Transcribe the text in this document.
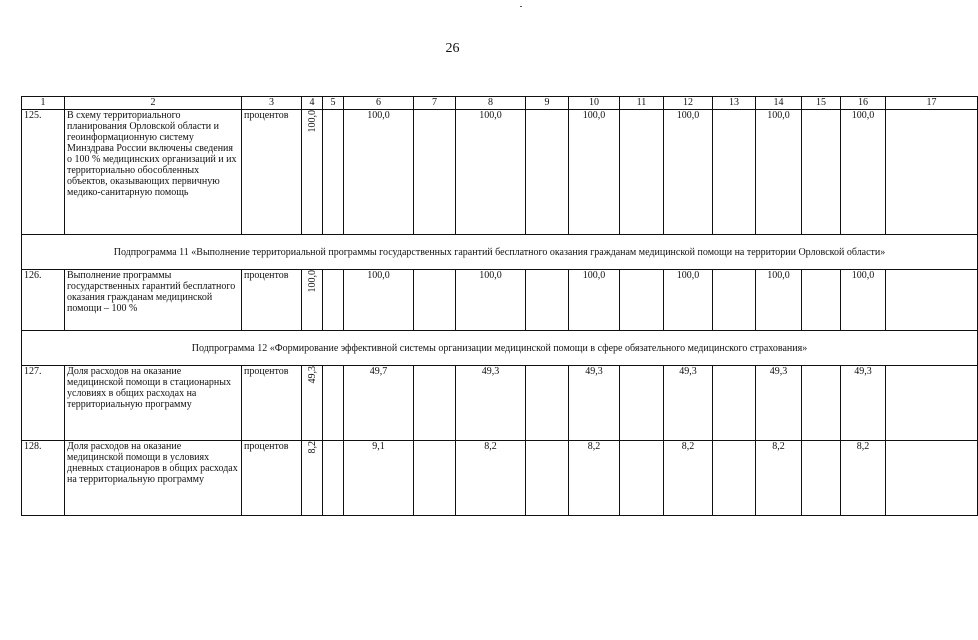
26
1	2	3	4	5	6	7	8	9	10	11	12	13	14	15	16	17
125.	В схему территориального планирования Орловской области и геоинформационную систему Минздрава России включены сведения о 100 % медицинских организаций и их территориально обособленных объектов, оказывающих первичную медико-санитарную помощь	процентов	100,0		100,0		100,0		100,0		100,0		100,0		100,0	
Подпрограмма 11 «Выполнение территориальной программы государственных гарантий бесплатного оказания гражданам медицинской помощи на территории Орловской области»																
126.	Выполнение программы государственных гарантий бесплатного оказания гражданам медицинской помощи – 100 %	процентов	100,0		100,0		100,0		100,0		100,0		100,0		100,0	
Подпрограмма 12 «Формирование эффективной системы организации медицинской помощи в сфере обязательного медицинского страхования»																
127.	Доля расходов на оказание медицинской помощи в стационарных условиях в общих расходах на территориальную программу	процентов	49,3		49,7		49,3		49,3		49,3		49,3		49,3	
128.	Доля расходов на оказание медицинской помощи в условиях дневных стационаров в общих расходах на территориальную программу	процентов	8,2		9,1		8,2		8,2		8,2		8,2		8,2	
